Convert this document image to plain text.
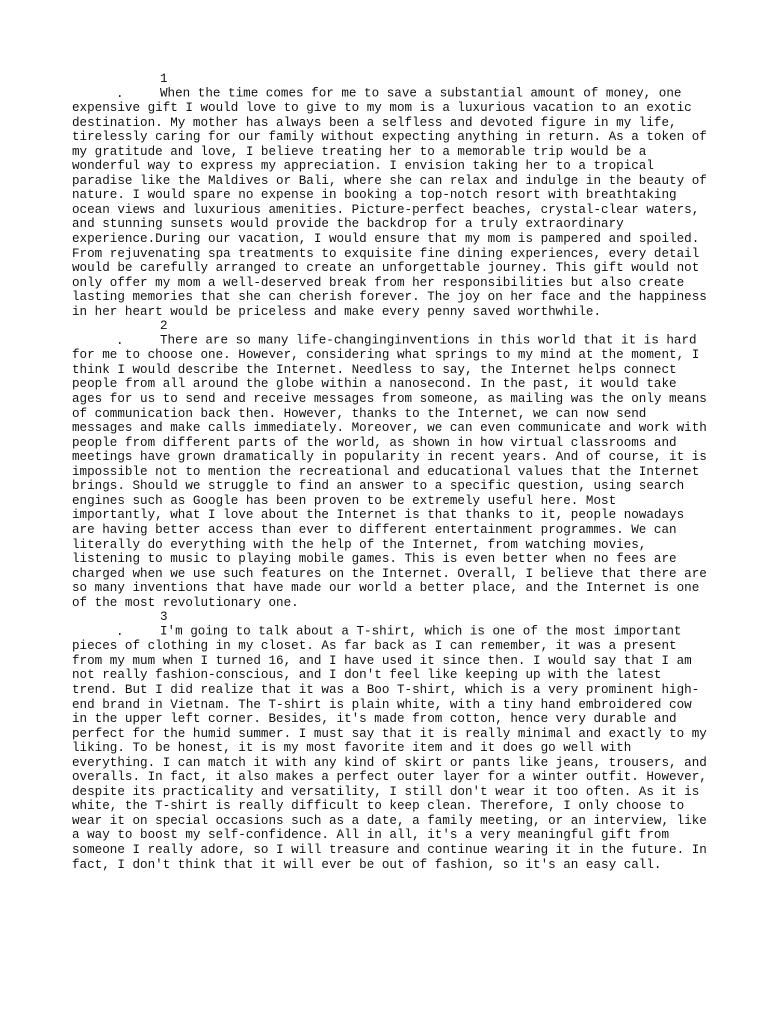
1.	When the time comes for me to save a substantial amount of money, one expensive gift I would love to give to my mom is a luxurious vacation to an exotic destination. My mother has always been a selfless and devoted figure in my life, tirelessly caring for our family without expecting anything in return. As a token of my gratitude and love, I believe treating her to a memorable trip would be a wonderful way to express my appreciation. I envision taking her to a tropical paradise like the Maldives or Bali, where she can relax and indulge in the beauty of nature. I would spare no expense in booking a top-notch resort with breathtaking ocean views and luxurious amenities. Picture-perfect beaches, crystal-clear waters, and stunning sunsets would provide the backdrop for a truly extraordinary experience.During our vacation, I would ensure that my mom is pampered and spoiled. From rejuvenating spa treatments to exquisite fine dining experiences, every detail would be carefully arranged to create an unforgettable journey. This gift would not only offer my mom a well-deserved break from her responsibilities but also create lasting memories that she can cherish forever. The joy on her face and the happiness in her heart would be priceless and make every penny saved worthwhile.

2.	There are so many life-changinginventions in this world that it is hard for me to choose one. However, considering what springs to my mind at the moment, I think I would describe the Internet. Needless to say, the Internet helps connect people from all around the globe within a nanosecond. In the past, it would take ages for us to send and receive messages from someone, as mailing was the only means of communication back then. However, thanks to the Internet, we can now send messages and make calls immediately. Moreover, we can even communicate and work with people from different parts of the world, as shown in how virtual classrooms and meetings have grown dramatically in popularity in recent years. And of course, it is impossible not to mention the recreational and educational values that the Internet brings. Should we struggle to find an answer to a specific question, using search engines such as Google has been proven to be extremely useful here. Most importantly, what I love about the Internet is that thanks to it, people nowadays are having better access than ever to different entertainment programmes. We can literally do everything with the help of the Internet, from watching movies, listening to music to playing mobile games. This is even better when no fees are charged when we use such features on the Internet. Overall, I believe that there are so many inventions that have made our world a better place, and the Internet is one of the most revolutionary one.

3.	I'm going to talk about a T-shirt, which is one of the most important pieces of clothing in my closet. As far back as I can remember, it was a present from my mum when I turned 16, and I have used it since then. I would say that I am not really fashion-conscious, and I don't feel like keeping up with the latest trend. But I did realize that it was a Boo T-shirt, which is a very prominent high-end brand in Vietnam. The T-shirt is plain white, with a tiny hand embroidered cow in the upper left corner. Besides, it's made from cotton, hence very durable and perfect for the humid summer. I must say that it is really minimal and exactly to my liking. To be honest, it is my most favorite item and it does go well with everything. I can match it with any kind of skirt or pants like jeans, trousers, and overalls. In fact, it also makes a perfect outer layer for a winter outfit. However, despite its practicality and versatility, I still don't wear it too often. As it is white, the T-shirt is really difficult to keep clean. Therefore, I only choose to wear it on special occasions such as a date, a family meeting, or an interview, like a way to boost my self-confidence. All in all, it's a very meaningful gift from someone I really adore, so I will treasure and continue wearing it in the future. In fact, I don't think that it will ever be out of fashion, so it's an easy call.
